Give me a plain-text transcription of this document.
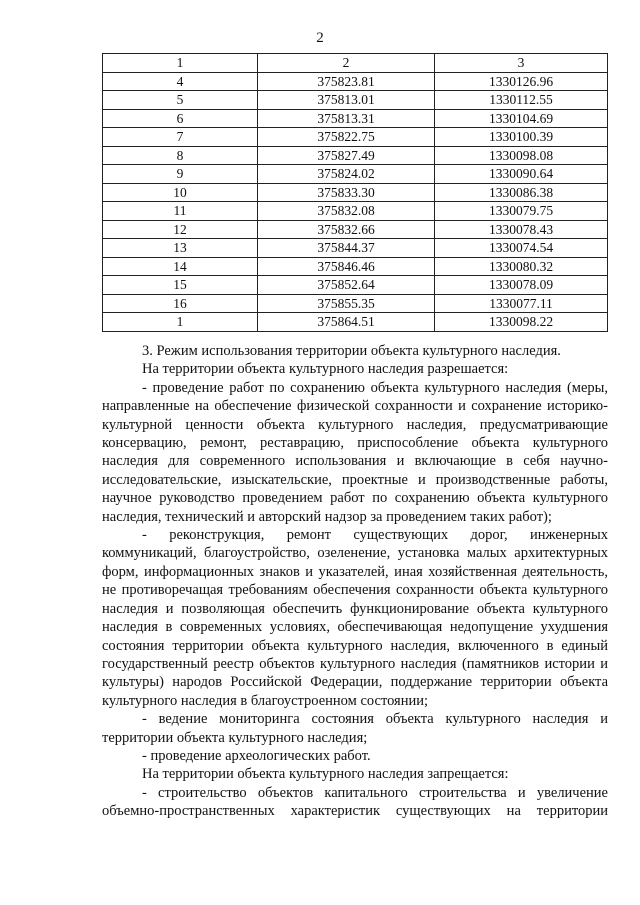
2
1	2	3
4	375823.81	1330126.96
5	375813.01	1330112.55
6	375813.31	1330104.69
7	375822.75	1330100.39
8	375827.49	1330098.08
9	375824.02	1330090.64
10	375833.30	1330086.38
11	375832.08	1330079.75
12	375832.66	1330078.43
13	375844.37	1330074.54
14	375846.46	1330080.32
15	375852.64	1330078.09
16	375855.35	1330077.11
1	375864.51	1330098.22

3. Режим использования территории объекта культурного наследия.

На территории объекта культурного наследия разрешается:

- проведение работ по сохранению объекта культурного наследия (меры, направленные на обеспечение физической сохранности и сохранение историко-культурной ценности объекта культурного наследия, предусматривающие консервацию, ремонт, реставрацию, приспособление объекта культурного наследия для современного использования и включающие в себя научно-исследовательские, изыскательские, проектные и производственные работы, научное руководство проведением работ по сохранению объекта культурного наследия, технический и авторский надзор за проведением таких работ);

- реконструкция, ремонт существующих дорог, инженерных коммуникаций, благоустройство, озеленение, установка малых архитектурных форм, информационных знаков и указателей, иная хозяйственная деятельность, не противоречащая требованиям обеспечения сохранности объекта культурного наследия и позволяющая обеспечить функционирование объекта культурного наследия в современных условиях, обеспечивающая недопущение ухудшения состояния территории объекта культурного наследия, включенного в единый государственный реестр объектов культурного наследия (памятников истории и культуры) народов Российской Федерации, поддержание территории объекта культурного наследия в благоустроенном состоянии;

- ведение мониторинга состояния объекта культурного наследия и территории объекта культурного наследия;

- проведение археологических работ.

На территории объекта культурного наследия запрещается:

- строительство объектов капитального строительства и увеличение объемно-пространственных характеристик существующих на территории
